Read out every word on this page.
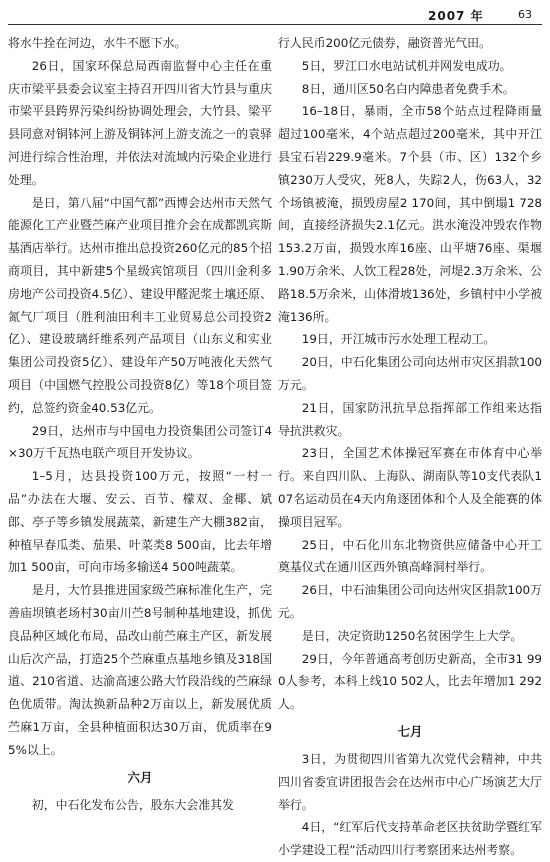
2007 年	63

将水牛拴在河边，水牛不愿下水。

26日，国家环保总局西南监督中心主任在重庆市梁平县委会议室主持召开四川省大竹县与重庆市梁平县跨界污染纠纷协调处理会，大竹县、梁平县同意对铜钵河上游及铜钵河上游支流之一的袁驿河进行综合性治理，并依法对流域内污染企业进行处理。

是日，第八届“中国气都”西博会达州市天然气能源化工产业暨苎麻产业项目推介会在成都凯宾斯基酒店举行。达州市推出总投资260亿元的85个招商项目，其中新建5个星级宾馆项目（四川金利多房地产公司投资4.5亿）、建设甲醛泥浆土壤还原、氮气厂项目（胜利油田利丰工业贸易总公司投资2亿）、建设玻璃纤维系列产品项目（山东义和实业集团公司投资5亿）、建设年产50万吨液化天然气项目（中国燃气控股公司投资8亿）等18个项目签约，总签约资金40.53亿元。

29日，达州市与中国电力投资集团公司签订4×30万千瓦热电联产项目开发协议。

1–5月，达县投资100万元，按照“一村一品”办法在大堰、安云、百节、檬双、金椰、斌郎、亭子等乡镇发展蔬菜，新建生产大棚382亩，种植早春瓜类、茄果、叶菜类8 500亩，比去年增加1 500亩，可向市场多输送4 500吨蔬菜。

是月，大竹县推进国家级苎麻标准化生产，完善庙坝镇老场村30亩川苎8号制种基地建设，抓优良品种区域化布局，品改山前苎麻主产区，新发展山后次产品，打造25个苎麻重点基地乡镇及318国道、210省道、达渝高速公路大竹段沿线的苎麻绿色优质带。淘汰换新品种2万亩以上，新发展优质苎麻1万亩，全县种植面积达30万亩，优质率在95%以上。

六月

初，中石化发布公告，股东大会准其发

行人民币200亿元债券，融资普光气田。

5日，罗江口水电站试机并网发电成功。

8日，通川区50名白内障患者免费手术。

16–18日，暴雨，全市58个站点过程降雨量超过100毫米，4个站点超过200毫米，其中开江县宝石岩229.9毫米。7个县（市、区）132个乡镇230万人受灾，死8人，失踪2人，伤63人，32个场镇被淹，损毁房屋2 170间，其中倒塌1 728间，直接经济损失2.1亿元。洪水淹没冲毁农作物153.2万亩，损毁水库16座、山平塘76座、渠堰1.90万余米、人饮工程28处，河堤2.3万余米、公路18.5万余米，山体滑坡136处，乡镇村中小学被淹136所。

19日，开江城市污水处理工程动工。

20日，中石化集团公司向达州市灾区捐款100万元。

21日，国家防汛抗旱总指挥部工作组来达指导抗洪救灾。

23日，全国艺术体操冠军赛在市体育中心举行。来自四川队、上海队、湖南队等10支代表队107名运动员在4天内角逐团体和个人及全能赛的体操项目冠军。

25日，中石化川东北物资供应储备中心开工奠基仪式在通川区西外镇高峰洞村举行。

26日，中石油集团公司向达州灾区捐款100万元。

是日，决定资助1250名贫困学生上大学。

29日，今年普通高考创历史新高，全市31 990人参考，本科上线10 502人，比去年增加1 292人。

七月

3日，为贯彻四川省第九次党代会精神，中共四川省委宣讲团报告会在达州市中心广场演艺大厅举行。

4日，“红军后代支持革命老区扶贫助学暨红军小学建设工程”活动四川行考察团来达州考察。
